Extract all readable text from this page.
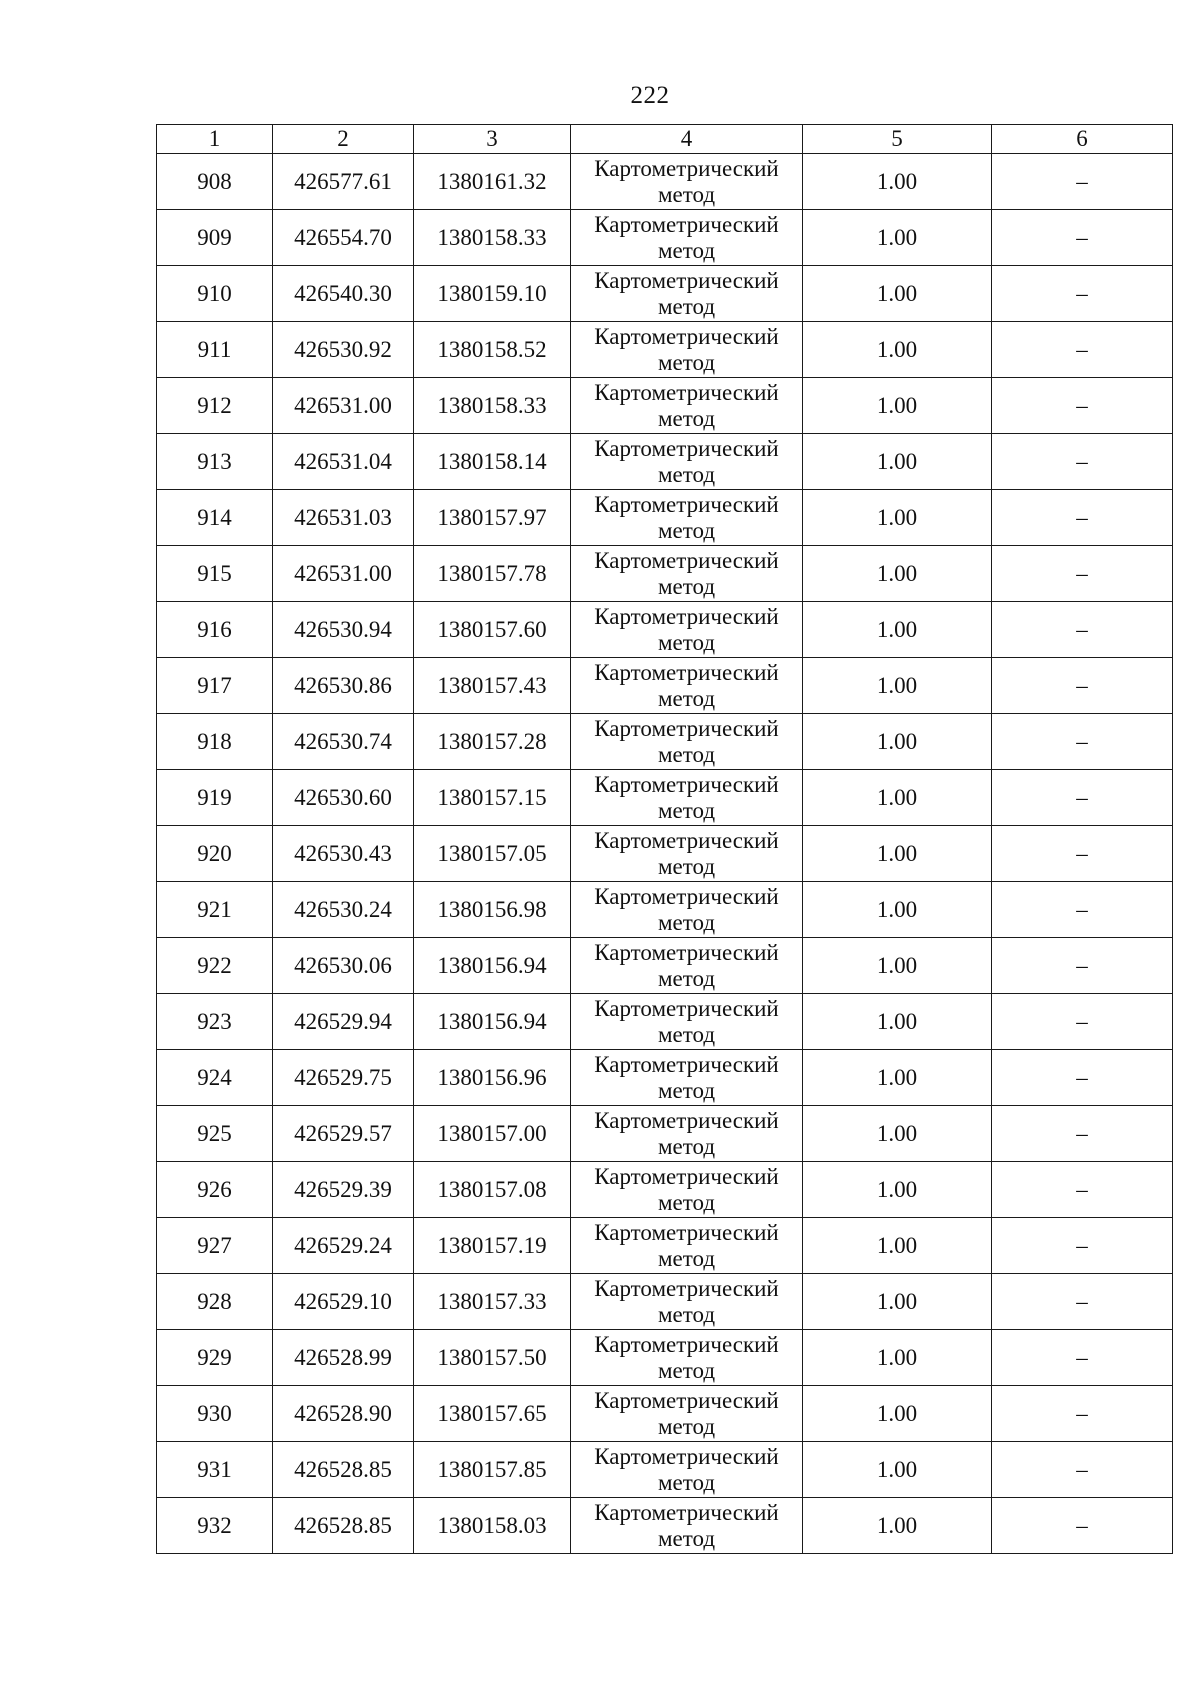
222
1	2	3	4	5	6
908	426577.61	1380161.32	Картометрический метод	1.00	–
909	426554.70	1380158.33	Картометрический метод	1.00	–
910	426540.30	1380159.10	Картометрический метод	1.00	–
911	426530.92	1380158.52	Картометрический метод	1.00	–
912	426531.00	1380158.33	Картометрический метод	1.00	–
913	426531.04	1380158.14	Картометрический метод	1.00	–
914	426531.03	1380157.97	Картометрический метод	1.00	–
915	426531.00	1380157.78	Картометрический метод	1.00	–
916	426530.94	1380157.60	Картометрический метод	1.00	–
917	426530.86	1380157.43	Картометрический метод	1.00	–
918	426530.74	1380157.28	Картометрический метод	1.00	–
919	426530.60	1380157.15	Картометрический метод	1.00	–
920	426530.43	1380157.05	Картометрический метод	1.00	–
921	426530.24	1380156.98	Картометрический метод	1.00	–
922	426530.06	1380156.94	Картометрический метод	1.00	–
923	426529.94	1380156.94	Картометрический метод	1.00	–
924	426529.75	1380156.96	Картометрический метод	1.00	–
925	426529.57	1380157.00	Картометрический метод	1.00	–
926	426529.39	1380157.08	Картометрический метод	1.00	–
927	426529.24	1380157.19	Картометрический метод	1.00	–
928	426529.10	1380157.33	Картометрический метод	1.00	–
929	426528.99	1380157.50	Картометрический метод	1.00	–
930	426528.90	1380157.65	Картометрический метод	1.00	–
931	426528.85	1380157.85	Картометрический метод	1.00	–
932	426528.85	1380158.03	Картометрический метод	1.00	–
